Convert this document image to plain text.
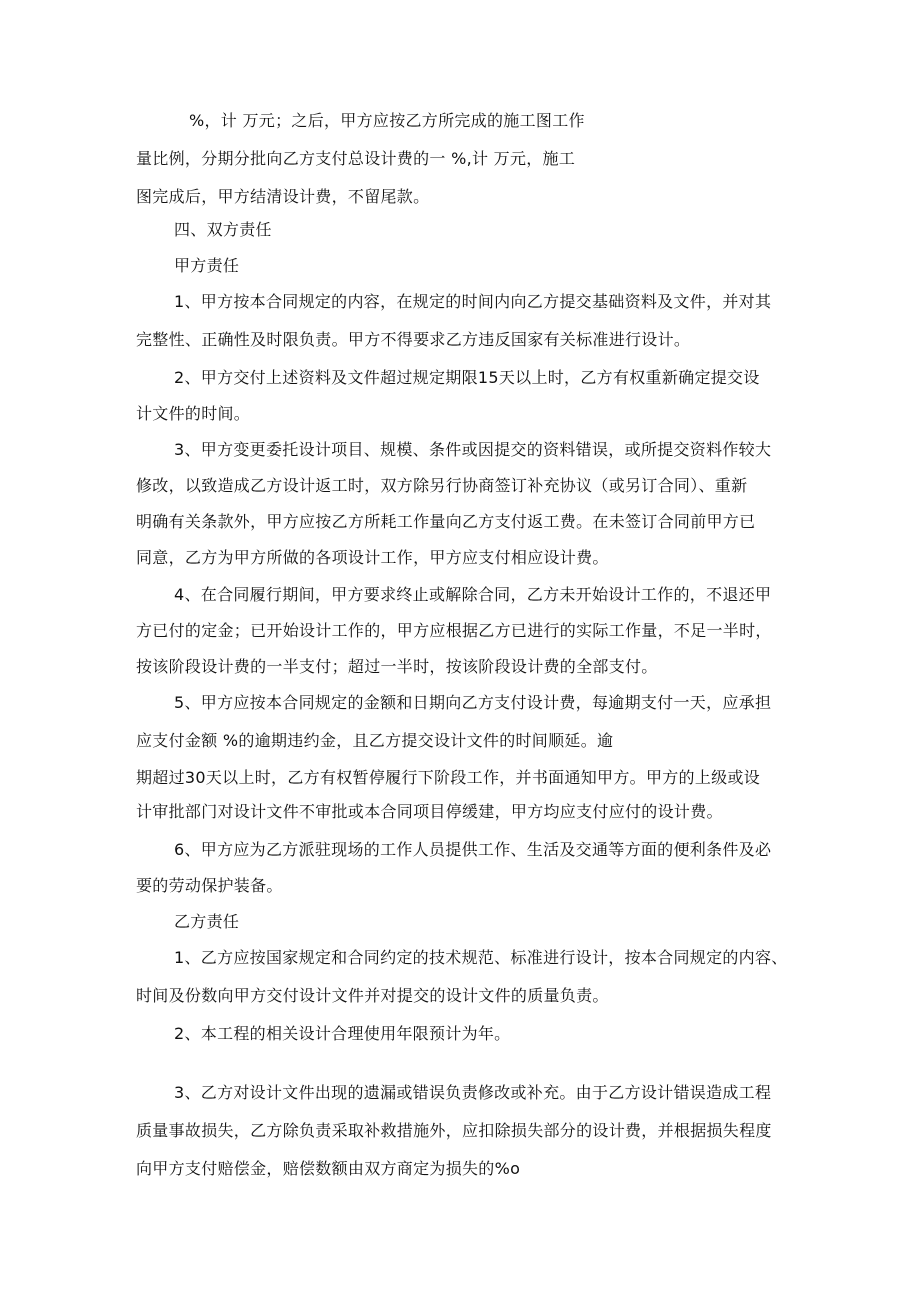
%，计 万元；之后，甲方应按乙方所完成的施工图工作
量比例，分期分批向乙方支付总设计费的一 %,计 万元，施工
图完成后，甲方结清设计费，不留尾款。
四、双方责任
甲方责任
1、甲方按本合同规定的内容，在规定的时间内向乙方提交基础资料及文件，并对其
完整性、正确性及时限负责。甲方不得要求乙方违反国家有关标准进行设计。
2、甲方交付上述资料及文件超过规定期限15天以上时，乙方有权重新确定提交设
计文件的时间。
3、甲方变更委托设计项目、规模、条件或因提交的资料错误，或所提交资料作较大
修改，以致造成乙方设计返工时，双方除另行协商签订补充协议（或另订合同）、重新
明确有关条款外，甲方应按乙方所耗工作量向乙方支付返工费。在未签订合同前甲方已
同意，乙方为甲方所做的各项设计工作，甲方应支付相应设计费。
4、在合同履行期间，甲方要求终止或解除合同，乙方未开始设计工作的，不退还甲
方已付的定金；已开始设计工作的，甲方应根据乙方已进行的实际工作量，不足一半时，
按该阶段设计费的一半支付；超过一半时，按该阶段设计费的全部支付。
5、甲方应按本合同规定的金额和日期向乙方支付设计费，每逾期支付一天，应承担
应支付金额 %的逾期违约金，且乙方提交设计文件的时间顺延。逾
期超过30天以上时，乙方有权暂停履行下阶段工作，并书面通知甲方。甲方的上级或设
计审批部门对设计文件不审批或本合同项目停缓建，甲方均应支付应付的设计费。
6、甲方应为乙方派驻现场的工作人员提供工作、生活及交通等方面的便利条件及必
要的劳动保护装备。
乙方责任
1、乙方应按国家规定和合同约定的技术规范、标准进行设计，按本合同规定的内容、
时间及份数向甲方交付设计文件并对提交的设计文件的质量负责。
2、本工程的相关设计合理使用年限预计为年。
3、乙方对设计文件出现的遗漏或错误负责修改或补充。由于乙方设计错误造成工程
质量事故损失，乙方除负责采取补救措施外，应扣除损失部分的设计费，并根据损失程度
向甲方支付赔偿金，赔偿数额由双方商定为损失的%o
